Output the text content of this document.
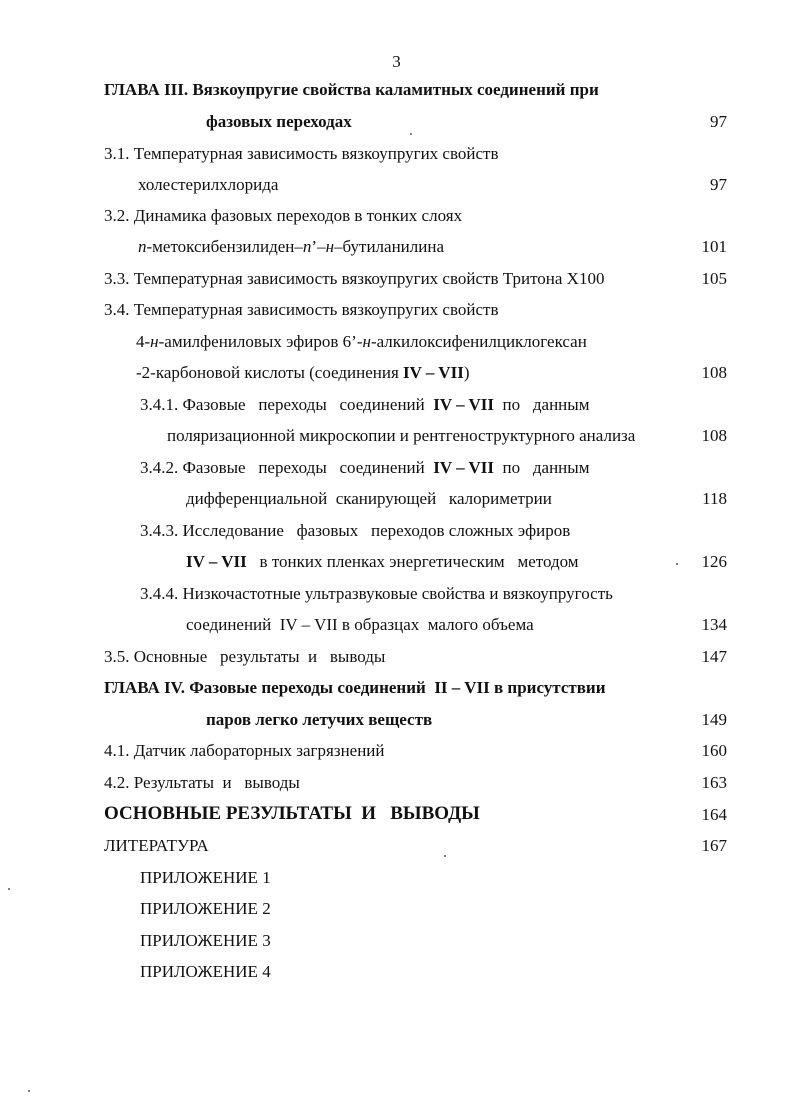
3
ГЛАВА III. Вязкоупругие свойства каламитных соединений при
фазовых переходах	97
3.1. Температурная зависимость вязкоупругих свойств
холестерилхлорида	97
3.2. Динамика фазовых переходов в тонких слоях
n-метоксибензилиден–n’–н–бутиланилина	101
3.3. Температурная зависимость вязкоупругих свойств Тритона X100	105
3.4. Температурная зависимость вязкоупругих свойств
4-н-амилфениловых эфиров 6’-н-алкилоксифенилциклогексан
-2-карбоновой кислоты (соединения IV – VII)	108
3.4.1. Фазовые   переходы   соединений  IV – VII  по   данным
поляризационной микроскопии и рентгеноструктурного анализа	108
3.4.2. Фазовые   переходы   соединений  IV – VII  по   данным
дифференциальной  сканирующей   калориметрии	118
3.4.3. Исследование   фазовых   переходов сложных эфиров
IV – VII   в тонких пленках энергетическим   методом	126
3.4.4. Низкочастотные ультразвуковые свойства и вязкоупругость
соединений  IV – VII в образцах  малого объема	134
3.5. Основные   результаты  и   выводы	147
ГЛАВА IV. Фазовые переходы соединений  II – VII в присутствии
паров легко летучих веществ	149
4.1. Датчик лабораторных загрязнений	160
4.2. Результаты  и   выводы	163
ОСНОВНЫЕ РЕЗУЛЬТАТЫ  И   ВЫВОДЫ	164
ЛИТЕРАТУРА	167
ПРИЛОЖЕНИЕ 1
ПРИЛОЖЕНИЕ 2
ПРИЛОЖЕНИЕ 3
ПРИЛОЖЕНИЕ 4
